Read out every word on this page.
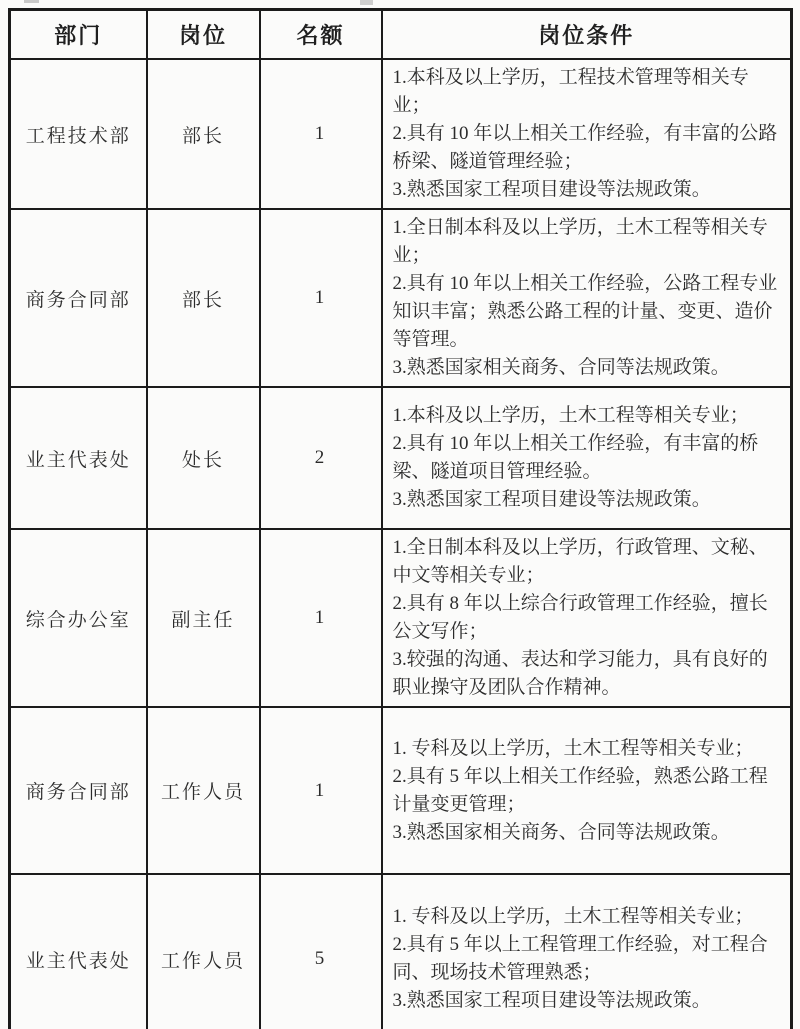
部门	岗位	名额	岗位条件
工程技术部	部长	1	1.本科及以上学历，工程技术管理等相关专业；
2.具有 10 年以上相关工作经验，有丰富的公路桥梁、隧道管理经验；
3.熟悉国家工程项目建设等法规政策。

商务合同部	部长	1	1.全日制本科及以上学历，土木工程等相关专业；
2.具有 10 年以上相关工作经验，公路工程专业知识丰富；熟悉公路工程的计量、变更、造价等管理。
3.熟悉国家相关商务、合同等法规政策。

业主代表处	处长	2	1.本科及以上学历，土木工程等相关专业；
2.具有 10 年以上相关工作经验，有丰富的桥梁、隧道项目管理经验。
3.熟悉国家工程项目建设等法规政策。

综合办公室	副主任	1	1.全日制本科及以上学历，行政管理、文秘、中文等相关专业；
2.具有 8 年以上综合行政管理工作经验，擅长公文写作；
3.较强的沟通、表达和学习能力，具有良好的职业操守及团队合作精神。

商务合同部	工作人员	1	1. 专科及以上学历，土木工程等相关专业；
2.具有 5 年以上相关工作经验，熟悉公路工程计量变更管理；
3.熟悉国家相关商务、合同等法规政策。

业主代表处	工作人员	5	1. 专科及以上学历，土木工程等相关专业；
2.具有 5 年以上工程管理工作经验，对工程合同、现场技术管理熟悉；
3.熟悉国家工程项目建设等法规政策。
